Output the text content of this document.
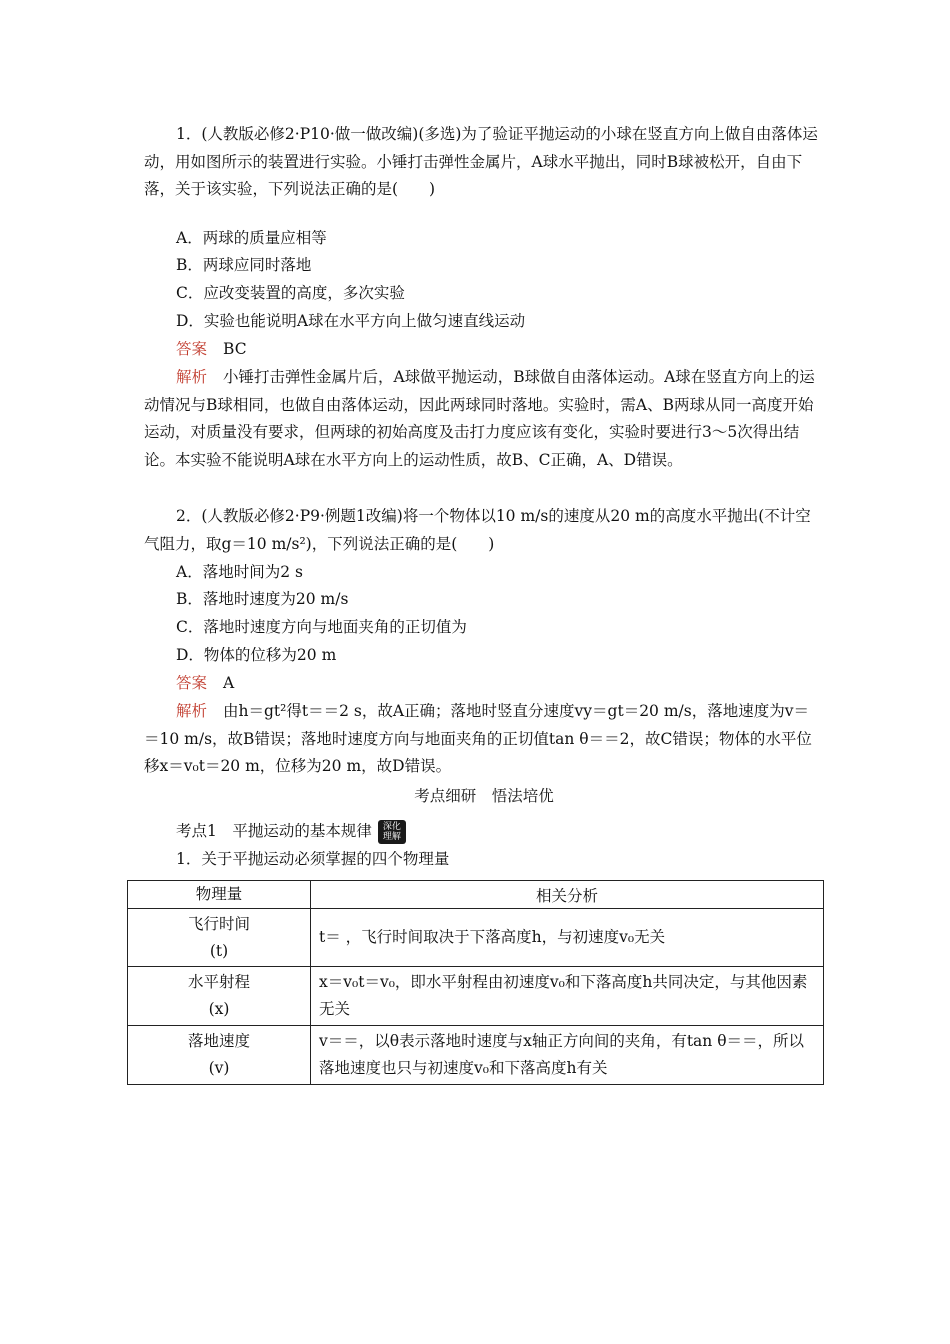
1．(人教版必修2·P10·做一做改编)(多选)为了验证平抛运动的小球在竖直方向上做自由落体运动，用如图所示的装置进行实验。小锤打击弹性金属片，A球水平抛出，同时B球被松开，自由下落，关于该实验，下列说法正确的是(　　)

A．两球的质量应相等
B．两球应同时落地
C．应改变装置的高度，多次实验
D．实验也能说明A球在水平方向上做匀速直线运动
答案 BC

解析 小锤打击弹性金属片后，A球做平抛运动，B球做自由落体运动。A球在竖直方向上的运动情况与B球相同，也做自由落体运动，因此两球同时落地。实验时，需A、B两球从同一高度开始运动，对质量没有要求，但两球的初始高度及击打力度应该有变化，实验时要进行3～5次得出结论。本实验不能说明A球在水平方向上的运动性质，故B、C正确，A、D错误。

2．(人教版必修2·P9·例题1改编)将一个物体以10 m/s的速度从20 m的高度水平抛出(不计空气阻力，取g＝10 m/s²)，下列说法正确的是(　　)

A．落地时间为2 s
B．落地时速度为20 m/s
C．落地时速度方向与地面夹角的正切值为
D．物体的位移为20 m
答案 A

解析 由h＝gt²得t＝＝2 s，故A正确；落地时竖直分速度vy＝gt＝20 m/s，落地速度为v＝＝10 m/s，故B错误；落地时速度方向与地面夹角的正切值tan θ＝＝2，故C错误；物体的水平位移x＝v₀t＝20 m，位移为20 m，故D错误。

考点细研　悟法培优
考点1　平抛运动的基本规律	深化理解
1．关于平抛运动必须掌握的四个物理量
物理量	相关分析

飞行时间
(t)	t＝ ，飞行时间取决于下落高度h，与初速度v₀无关

水平射程
(x)	x＝v₀t＝v₀，即水平射程由初速度v₀和下落高度h共同决定，与其他因素无关

落地速度
(v)	v＝＝，以θ表示落地时速度与x轴正方向间的夹角，有tan θ＝＝，所以落地速度也只与初速度v₀和下落高度h有关
